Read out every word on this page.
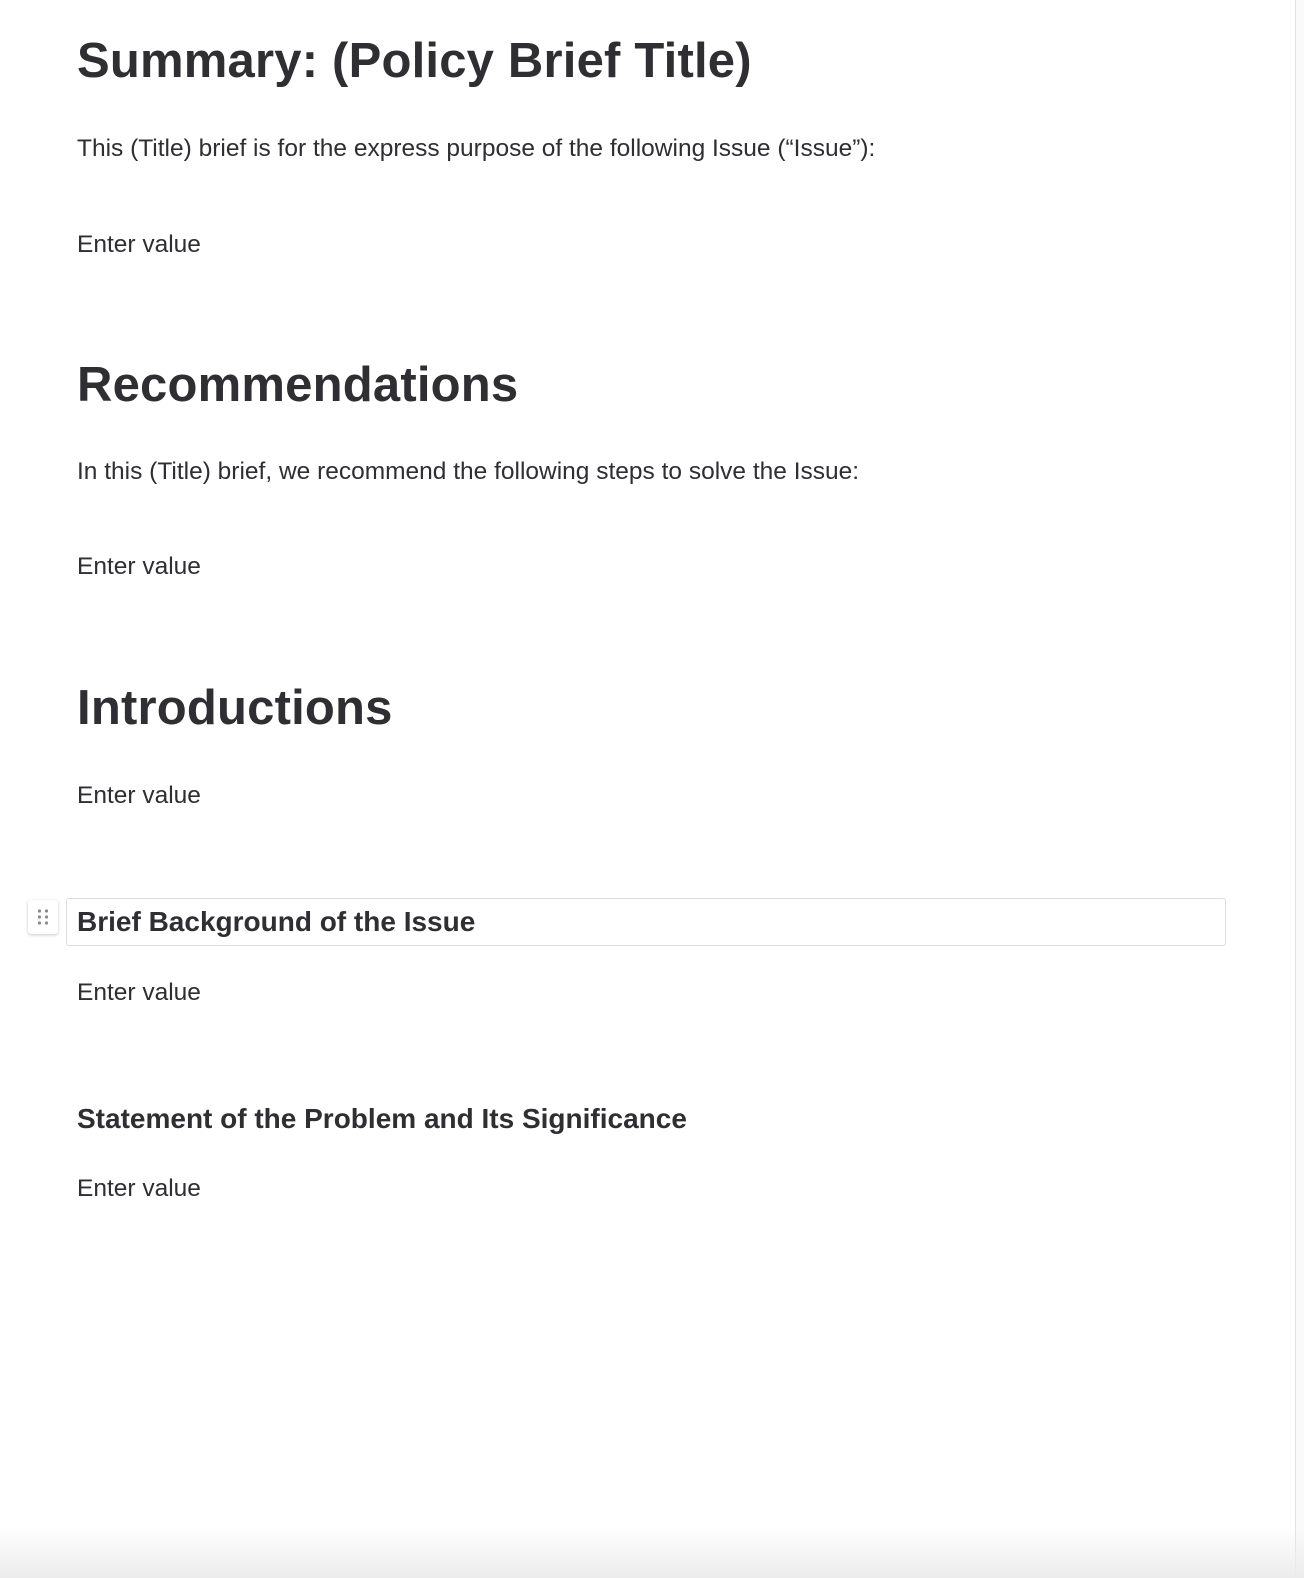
Summary: (Policy Brief Title)
This (Title) brief is for the express purpose of the following Issue (“Issue”):
Enter value
Recommendations
In this (Title) brief, we recommend the following steps to solve the Issue:
Enter value
Introductions
Enter value
Brief Background of the Issue
Enter value
Statement of the Problem and Its Significance
Enter value
